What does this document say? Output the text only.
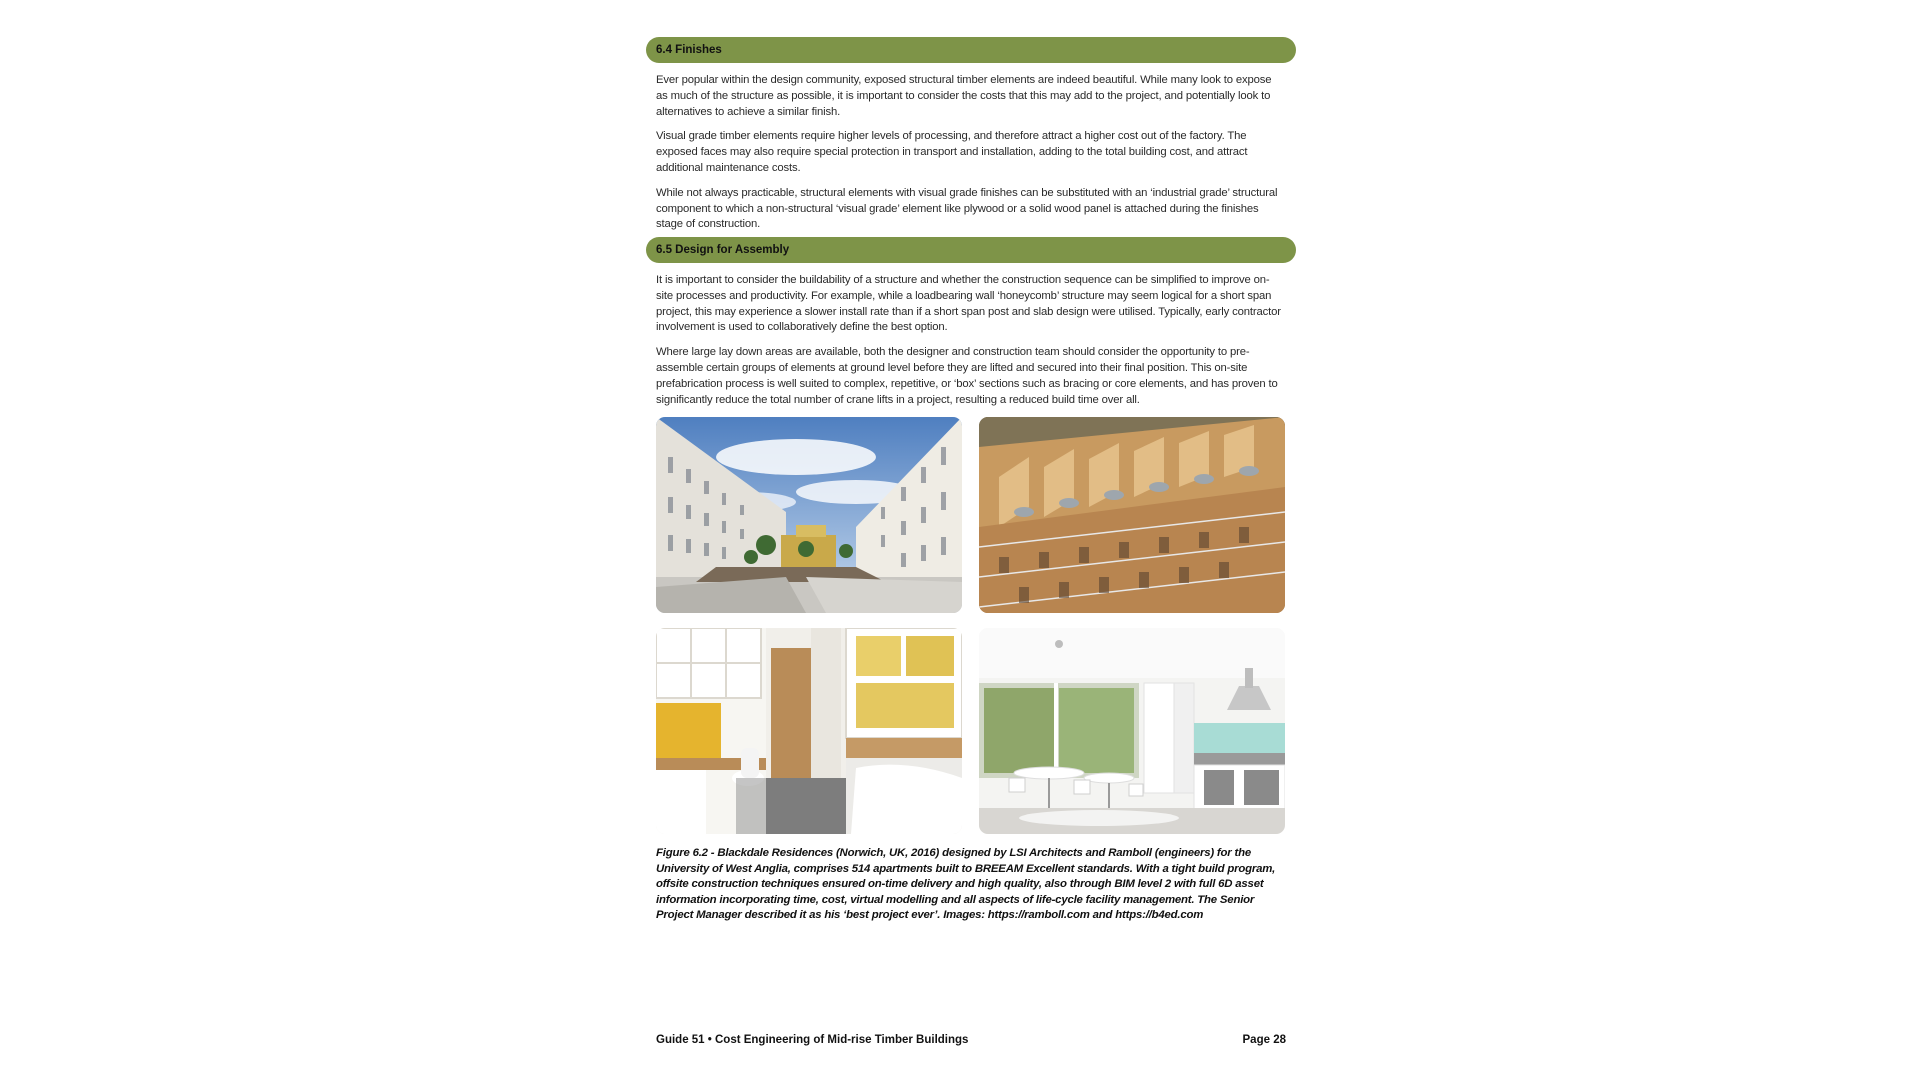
6.4 Finishes

Ever popular within the design community, exposed structural timber elements are indeed beautiful. While many look to expose as much of the structure as possible, it is important to consider the costs that this may add to the project, and potentially look to alternatives to achieve a similar finish.

Visual grade timber elements require higher levels of processing, and therefore attract a higher cost out of the factory. The exposed faces may also require special protection in transport and installation, adding to the total building cost, and attract additional maintenance costs.

While not always practicable, structural elements with visual grade finishes can be substituted with an ‘industrial grade’ structural component to which a non-structural ‘visual grade’ element like plywood or a solid wood panel is attached during the finishes stage of construction.

6.5 Design for Assembly

It is important to consider the buildability of a structure and whether the construction sequence can be simplified to improve on-site processes and productivity. For example, while a loadbearing wall ‘honeycomb’ structure may seem logical for a short span project, this may experience a slower install rate than if a short span post and slab design were utilised. Typically, early contractor involvement is used to collaboratively define the best option.

Where large lay down areas are available, both the designer and construction team should consider the opportunity to pre-assemble certain groups of elements at ground level before they are lifted and secured into their final position. This on-site prefabrication process is well suited to complex, repetitive, or ‘box’ sections such as bracing or core elements, and has proven to significantly reduce the total number of crane lifts in a project, resulting a reduced build time over all.

Figure 6.2 - Blackdale Residences (Norwich, UK, 2016) designed by LSI Architects and Ramboll (engineers) for the University of West Anglia, comprises 514 apartments built to BREEAM Excellent standards. With a tight build program, offsite construction techniques ensured on-time delivery and high quality, also through BIM level 2 with full 6D asset information incorporating time, cost, virtual modelling and all aspects of life-cycle facility management. The Senior Project Manager described it as his ‘best project ever’. Images: https://ramboll.com and https://b4ed.com

Guide 51 • Cost Engineering of Mid-rise Timber Buildings	Page 28
